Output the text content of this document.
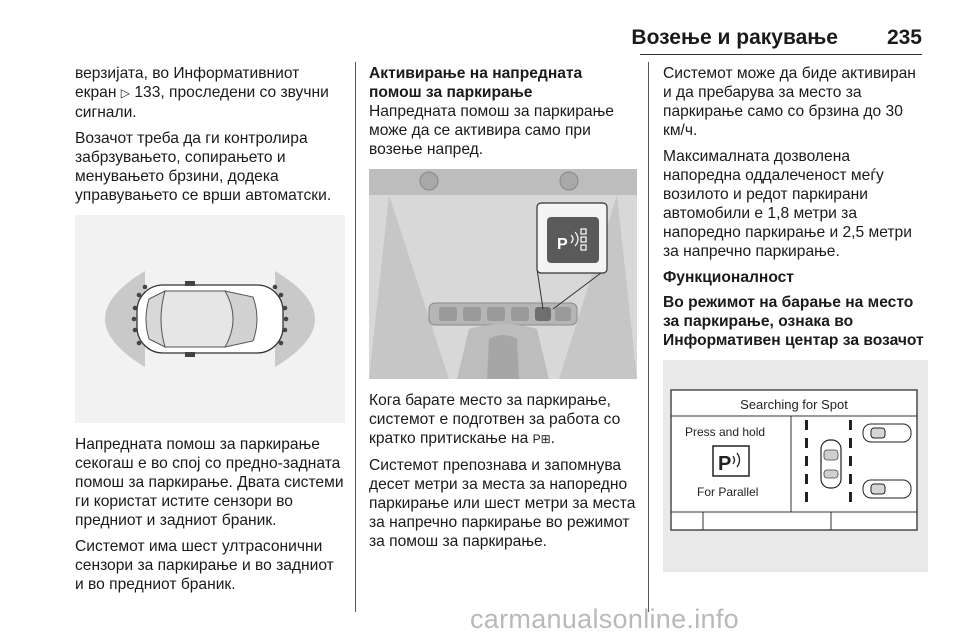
Возење и ракување 235

верзијата, во Информативниот екран ▷ 133, проследени со звучни сигнали.

Возачот треба да ги контролира забрзувањето, сопирањето и менувањето брзини, додека управувањето се врши автоматски.

Напредната помош за паркирање секогаш е во спој со предно-задната помош за паркирање. Двата системи ги користат истите сензори во предниот и задниот браник.

Системот има шест ултрасонични сензори за паркирање и во задниот и во предниот браник.

Активирање на напредната помош за паркирање

Напредната помош за паркирање може да се активира само при возење напред.

P

Кога барате место за паркирање, системот е подготвен за работа со кратко притискање на P⊞.

Системот препознава и запомнува десет метри за места за напоредно паркирање или шест метри за места за напречно паркирање во режимот за помош за паркирање.

Системот може да биде активиран и да пребарува за место за паркирање само со брзина до 30 км/ч.

Максималната дозволена напоредна оддалеченост меѓу возилото и редот паркирани автомобили е 1,8 метри за напоредно паркирање и 2,5 метри за напречно паркирање.

Функционалност

Во режимот на барање на место за паркирање, ознака во Информативен центар за возачот

Searching for Spot
Press and hold
P
For Parallel
carmanualsonline.info
